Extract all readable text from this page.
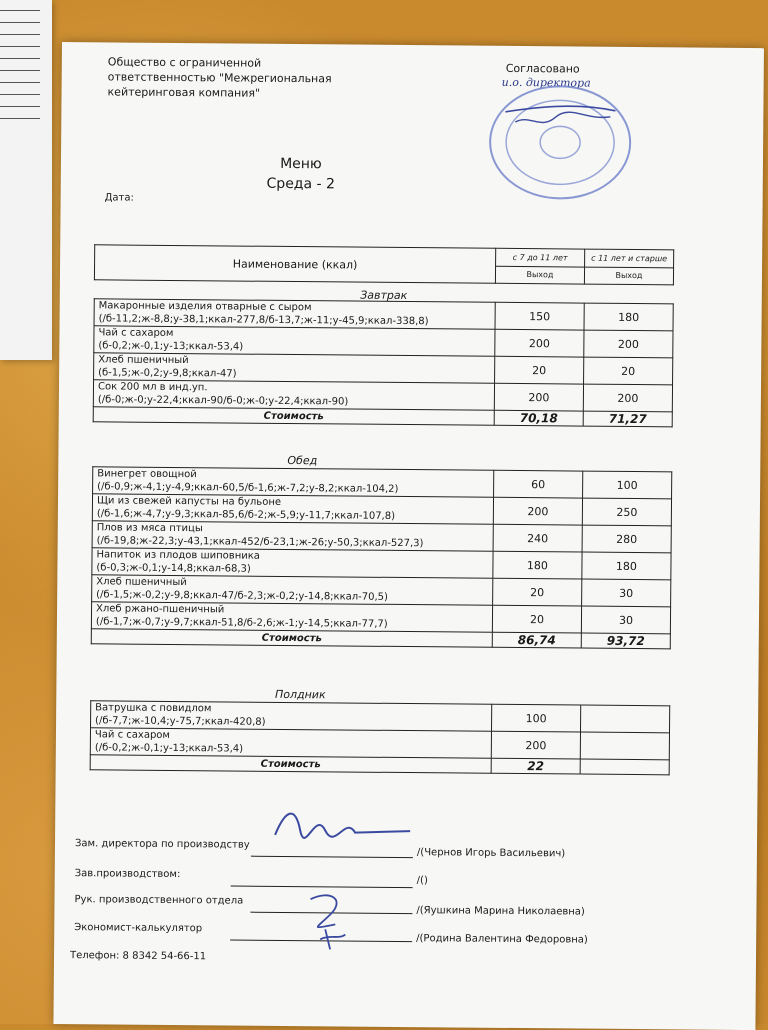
Общество с ограниченной
ответственностью "Межрегиональная
кейтеринговая компания"
Согласовано
и.о. директора
Меню
Среда - 2
Дата:
Наименование (ккал)	с 7 до 11 лет	с 11 лет и старше
	Выход	Выход
Завтрак
Макаронные изделия отварные с сыром
(/б-11,2;ж-8,8;у-38,1;ккал-277,8/б-13,7;ж-11;у-45,9;ккал-338,8)	150	180

Чай с сахаром
(б-0,2;ж-0,1;у-13;ккал-53,4)	200	200

Хлеб пшеничный
(б-1,5;ж-0,2;у-9,8;ккал-47)	20	20

Сок 200 мл в инд.уп.
(/б-0;ж-0;у-22,4;ккал-90/б-0;ж-0;у-22,4;ккал-90)	200	200
Стоимость	70,18	71,27
Обед
Винегрет овощной
(/б-0,9;ж-4,1;у-4,9;ккал-60,5/б-1,6;ж-7,2;у-8,2;ккал-104,2)	60	100

Щи из свежей капусты на бульоне
(/б-1,6;ж-4,7;у-9,3;ккал-85,6/б-2;ж-5,9;у-11,7;ккал-107,8)	200	250

Плов из мяса птицы
(/б-19,8;ж-22,3;у-43,1;ккал-452/б-23,1;ж-26;у-50,3;ккал-527,3)	240	280

Напиток из плодов шиповника
(б-0,3;ж-0,1;у-14,8;ккал-68,3)	180	180

Хлеб пшеничный
(/б-1,5;ж-0,2;у-9,8;ккал-47/б-2,3;ж-0,2;у-14,8;ккал-70,5)	20	30

Хлеб ржано-пшеничный
(/б-1,7;ж-0,7;у-9,7;ккал-51,8/б-2,6;ж-1;у-14,5;ккал-77,7)	20	30
Стоимость	86,74	93,72
Полдник
Ватрушка с повидлом
(/б-7,7;ж-10,4;у-75,7;ккал-420,8)	100	

Чай с сахаром
(/б-0,2;ж-0,1;у-13;ккал-53,4)	200	
Стоимость	22	
Зам. директора по производству
/(Чернов Игорь Васильевич)
Зав.производством:
/()
Рук. производственного отдела
/(Яушкина Марина Николаевна)
Экономист-калькулятор
/(Родина Валентина Федоровна)
Телефон: 8 8342 54-66-11
